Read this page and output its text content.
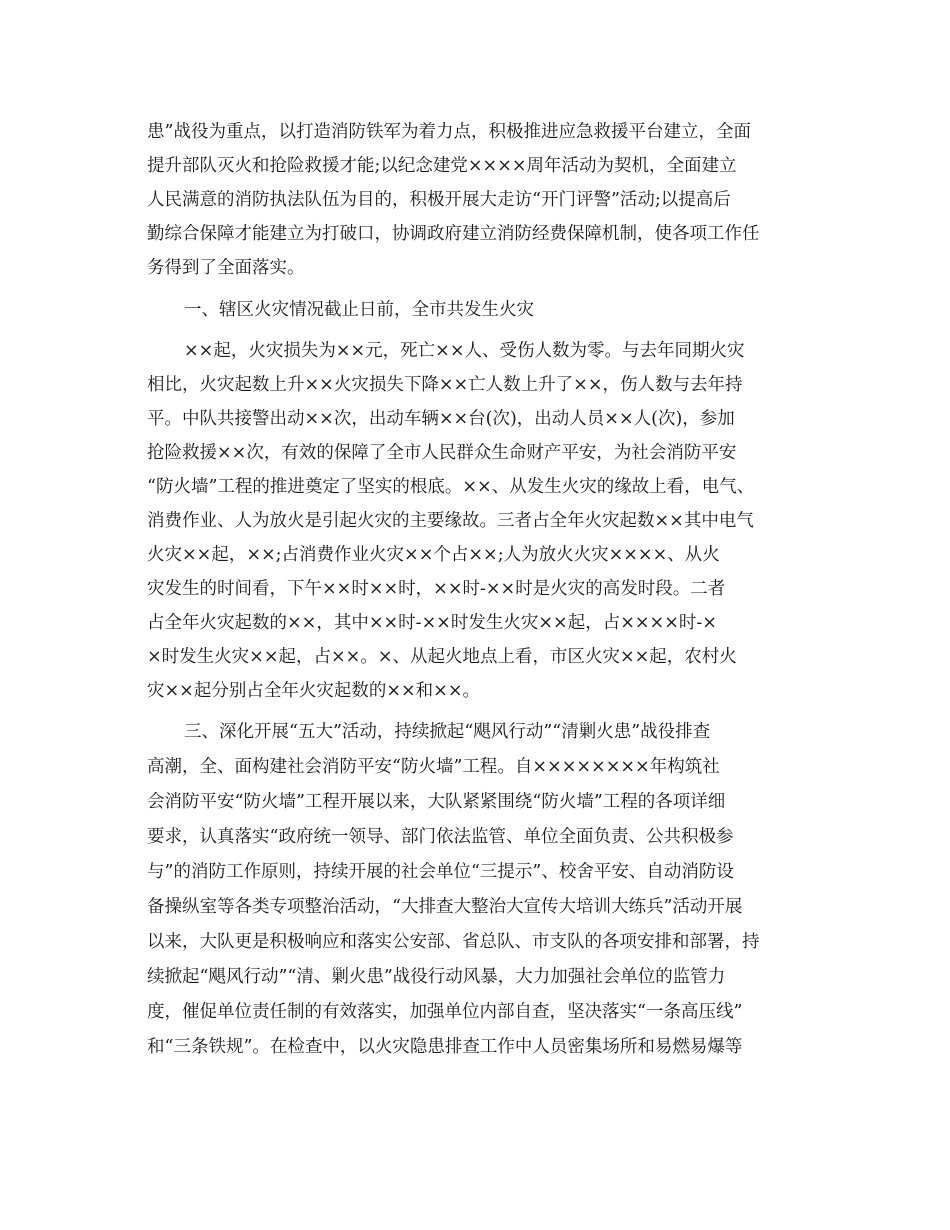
患”战役为重点，以打造消防铁军为着力点，积极推进应急救援平台建立，全面
提升部队灭火和抢险救援才能;以纪念建党××××周年活动为契机，全面建立
人民满意的消防执法队伍为目的，积极开展大走访“开门评警”活动;以提高后
勤综合保障才能建立为打破口，协调政府建立消防经费保障机制，使各项工作任
务得到了全面落实。
一、辖区火灾情况截止日前，全市共发生火灾
××起，火灾损失为××元，死亡××人、受伤人数为零。与去年同期火灾
相比，火灾起数上升××火灾损失下降××亡人数上升了××，伤人数与去年持
平。中队共接警出动××次，出动车辆××台(次)，出动人员××人(次)，参加
抢险救援××次，有效的保障了全市人民群众生命财产平安，为社会消防平安
“防火墙”工程的推进奠定了坚实的根底。××、从发生火灾的缘故上看，电气、
消费作业、人为放火是引起火灾的主要缘故。三者占全年火灾起数××其中电气
火灾××起，××;占消费作业火灾××个占××;人为放火火灾××××、从火
灾发生的时间看，下午××时××时，××时-××时是火灾的高发时段。二者
占全年火灾起数的××，其中××时-××时发生火灾××起，占××××时-×
×时发生火灾××起，占××。×、从起火地点上看，市区火灾××起，农村火
灾××起分别占全年火灾起数的××和××。
三、深化开展“五大”活动，持续掀起“飓风行动”“清剿火患”战役排查
高潮，全、面构建社会消防平安“防火墙”工程。自××××××××年构筑社
会消防平安“防火墙”工程开展以来，大队紧紧围绕“防火墙”工程的各项详细
要求，认真落实“政府统一领导、部门依法监管、单位全面负责、公共积极参
与”的消防工作原则，持续开展的社会单位“三提示”、校舍平安、自动消防设
备操纵室等各类专项整治活动，“大排查大整治大宣传大培训大练兵”活动开展
以来，大队更是积极响应和落实公安部、省总队、市支队的各项安排和部署，持
续掀起“飓风行动”“清、剿火患”战役行动风暴，大力加强社会单位的监管力
度，催促单位责任制的有效落实，加强单位内部自查，坚决落实“一条高压线”
和“三条铁规”。在检查中，以火灾隐患排查工作中人员密集场所和易燃易爆等
